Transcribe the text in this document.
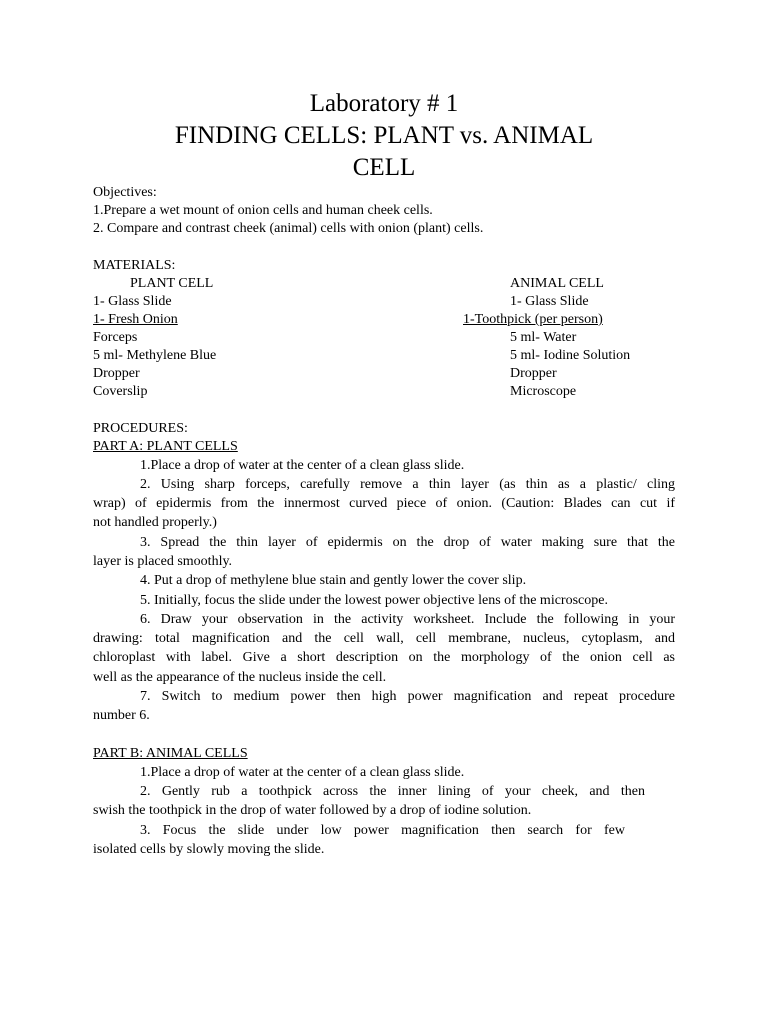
Laboratory # 1
FINDING CELLS: PLANT vs. ANIMAL
CELL
Objectives:
1.Prepare a wet mount of onion cells and human cheek cells.
2. Compare and contrast cheek (animal) cells with onion (plant) cells.
MATERIALS:
PLANT CELL	ANIMAL CELL
1- Glass Slide
1- Fresh Onion
Forceps
5 ml- Methylene Blue
Dropper
Coverslip
1- Glass Slide
1-Toothpick (per person)
5 ml- Water
5 ml- Iodine Solution
Dropper
Microscope
PROCEDURES:
PART A: PLANT CELLS
1.Place a drop of water at the center of a clean glass slide.
2. Using sharp forceps, carefully remove a thin layer (as thin as a plastic/ cling
wrap) of epidermis from the innermost curved piece of onion. (Caution: Blades can cut if
not handled properly.)
3. Spread the thin layer of epidermis on the drop of water making sure that the
layer is placed smoothly.
4. Put a drop of methylene blue stain and gently lower the cover slip.
5. Initially, focus the slide under the lowest power objective lens of the microscope.
6. Draw your observation in the activity worksheet. Include the following in your
drawing: total magnification and the cell wall, cell membrane, nucleus, cytoplasm, and
chloroplast with label. Give a short description on the morphology of the onion cell as
well as the appearance of the nucleus inside the cell.
7. Switch to medium power then high power magnification and repeat procedure
number 6.
PART B: ANIMAL CELLS
1.Place a drop of water at the center of a clean glass slide.
2. Gently rub a toothpick across the inner lining of your cheek, and then
swish the toothpick in the drop of water followed by a drop of iodine solution.
3. Focus the slide under low power magnification then search for few
isolated cells by slowly moving the slide.
